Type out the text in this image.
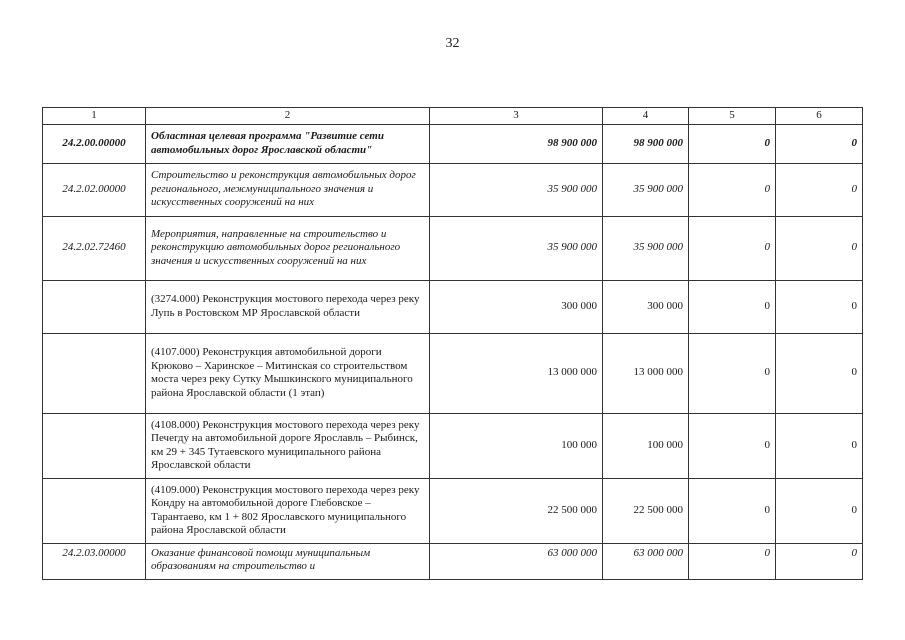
32
1	2	3	4	5	6
24.2.00.00000	Областная целевая программа "Развитие сети автомобильных дорог Ярославской области"	98 900 000	98 900 000	0	0
24.2.02.00000	Строительство и реконструкция автомобильных дорог регионального, межмуниципального значения и искусственных сооружений на них	35 900 000	35 900 000	0	0
24.2.02.72460	Мероприятия, направленные на строительство и реконструкцию автомобильных дорог регионального значения и искусственных сооружений на них	35 900 000	35 900 000	0	0
	(3274.000) Реконструкция мостового перехода через реку Лупь в Ростовском МР Ярославской области	300 000	300 000	0	0
	(4107.000) Реконструкция автомобильной дороги Крюково – Харинское – Митинская со строительством моста через реку Сутку Мышкинского муниципального района Ярославской области (1 этап)	13 000 000	13 000 000	0	0
	(4108.000) Реконструкция мостового перехода через реку Печегду на автомобильной дороге Ярославль – Рыбинск, км 29 + 345 Тутаевского муниципального района Ярославской области	100 000	100 000	0	0
	(4109.000) Реконструкция мостового перехода через реку Кондру на автомобильной дороге Глебовское – Тарантаево, км 1 + 802 Ярославского муниципального района Ярославской области	22 500 000	22 500 000	0	0
24.2.03.00000	Оказание финансовой помощи муниципальным образованиям на строительство и	63 000 000	63 000 000	0	0
